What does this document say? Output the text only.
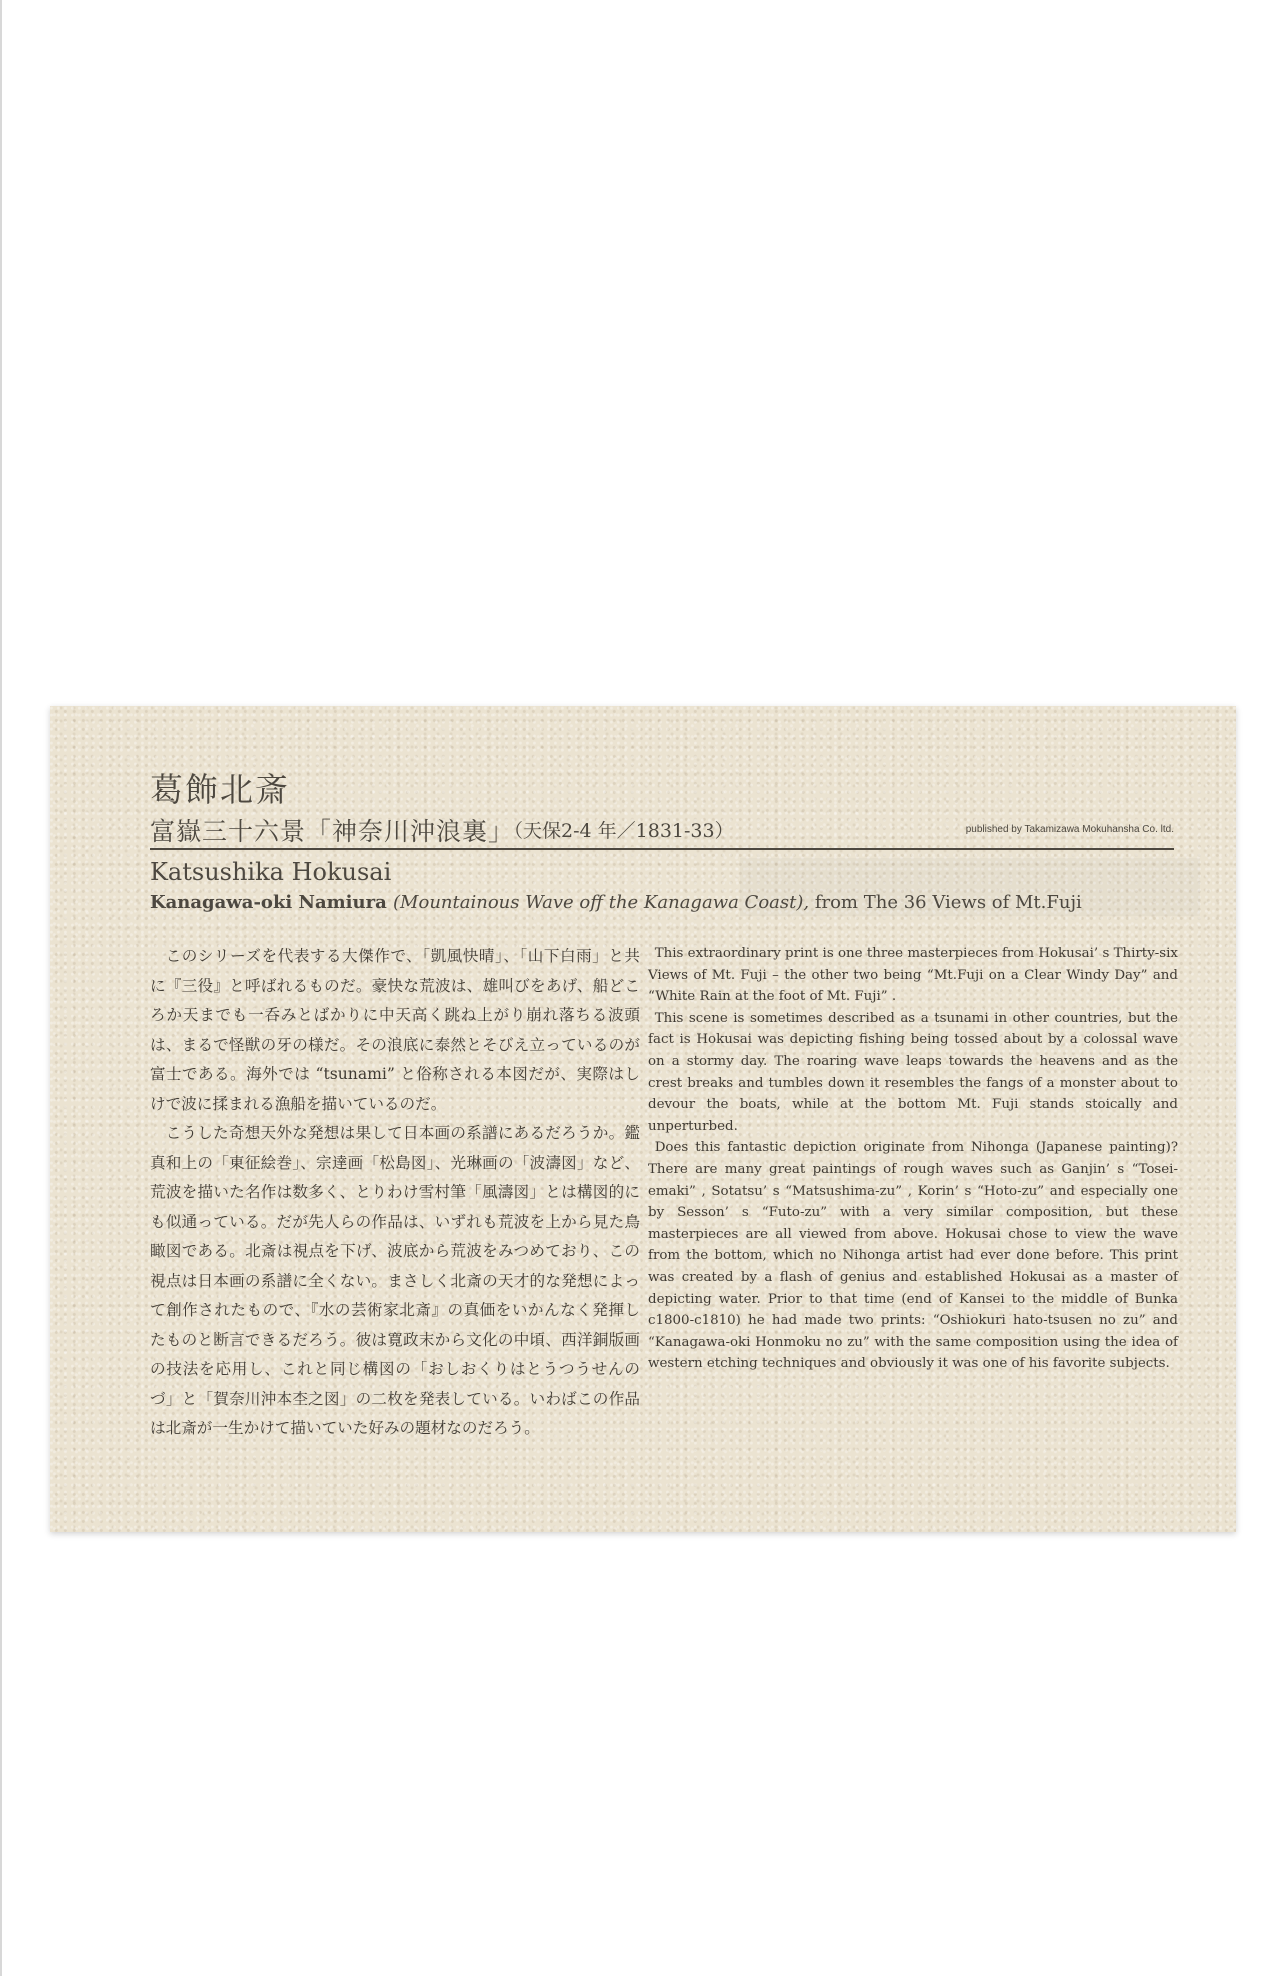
葛飾北斎
富嶽三十六景「神奈川沖浪裏」
（天保2-4 年／1831-33）	published by Takamizawa Mokuhansha Co. ltd.
Katsushika Hokusai
Kanagawa-oki Namiura (Mountainous Wave off the Kanagawa Coast), from The 36 Views of Mt.Fuji

このシリーズを代表する大傑作で、「凱風快晴」、「山下白雨」と共に『三役』と呼ばれるものだ。豪快な荒波は、雄叫びをあげ、船どころか天までも一呑みとばかりに中天高く跳ね上がり崩れ落ちる波頭は、まるで怪獣の牙の様だ。その浪底に泰然とそびえ立っているのが富士である。海外では “tsunami” と俗称される本図だが、実際はしけで波に揉まれる漁船を描いているのだ。

こうした奇想天外な発想は果して日本画の系譜にあるだろうか。鑑真和上の「東征絵巻」、宗達画「松島図」、光琳画の「波濤図」など、荒波を描いた名作は数多く、とりわけ雪村筆「風濤図」とは構図的にも似通っている。だが先人らの作品は、いずれも荒波を上から見た鳥瞰図である。北斎は視点を下げ、波底から荒波をみつめており、この視点は日本画の系譜に全くない。まさしく北斎の天才的な発想によって創作されたもので、『水の芸術家北斎』の真価をいかんなく発揮したものと断言できるだろう。彼は寛政末から文化の中頃、西洋銅版画の技法を応用し、これと同じ構図の「おしおくりはとうつうせんのづ」と「賀奈川沖本杢之図」の二枚を発表している。いわばこの作品は北斎が一生かけて描いていた好みの題材なのだろう。

This extraordinary print is one three masterpieces from Hokusai’ s Thirty-six Views of Mt. Fuji – the other two being “Mt.Fuji on a Clear Windy Day” and “White Rain at the foot of Mt. Fuji” .

This scene is sometimes described as a tsunami in other countries, but the fact is Hokusai was depicting fishing being tossed about by a colossal wave on a stormy day. The roaring wave leaps towards the heavens and as the crest breaks and tumbles down it resembles the fangs of a monster about to devour the boats, while at the bottom Mt. Fuji stands stoically and unperturbed.

Does this fantastic depiction originate from Nihonga (Japanese painting)? There are many great paintings of rough waves such as Ganjin’ s “Tosei-emaki” , Sotatsu’ s “Matsushima-zu” , Korin’ s “Hoto-zu” and especially one by Sesson’ s “Futo-zu” with a very similar composition, but these masterpieces are all viewed from above. Hokusai chose to view the wave from the bottom, which no Nihonga artist had ever done before. This print was created by a flash of genius and established Hokusai as a master of depicting water. Prior to that time (end of Kansei to the middle of Bunka c1800-c1810) he had made two prints: “Oshiokuri hato-tsusen no zu” and “Kanagawa-oki Honmoku no zu” with the same composition using the idea of western etching techniques and obviously it was one of his favorite subjects.
